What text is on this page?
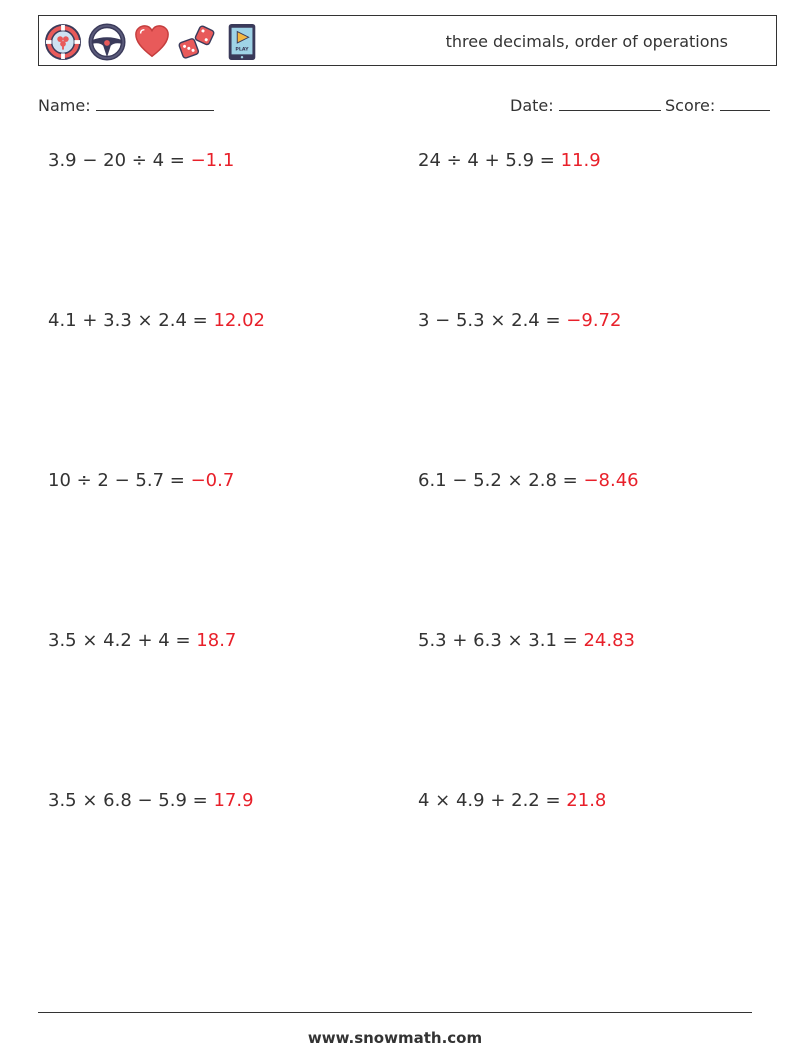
PLAY	three decimals, order of operations
Name:	Date:	Score:
3.9 − 20 ÷ 4 = −1.1	24 ÷ 4 + 5.9 = 11.9
4.1 + 3.3 × 2.4 = 12.02	3 − 5.3 × 2.4 = −9.72
10 ÷ 2 − 5.7 = −0.7	6.1 − 5.2 × 2.8 = −8.46
3.5 × 4.2 + 4 = 18.7	5.3 + 6.3 × 3.1 = 24.83
3.5 × 6.8 − 5.9 = 17.9	4 × 4.9 + 2.2 = 21.8
www.snowmath.com
